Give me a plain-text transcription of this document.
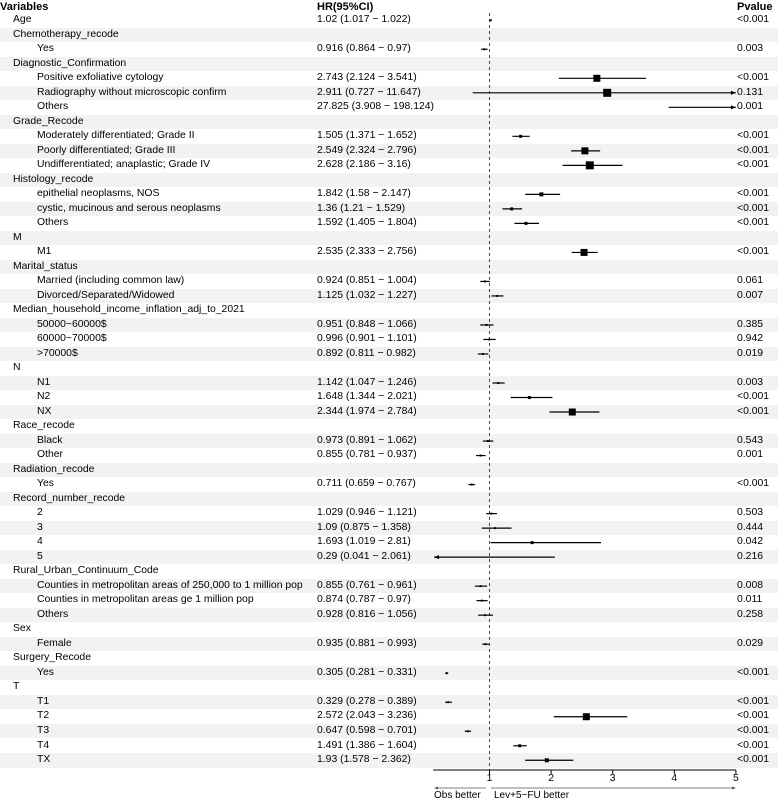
Variables	HR(95%CI)	Pvalue
Age	1.02 (1.017 − 1.022)	<0.001
Chemotherapy_recode
Yes	0.916 (0.864 − 0.97)	0.003
Diagnostic_Confirmation
Positive exfoliative cytology	2.743 (2.124 − 3.541)	<0.001
Radiography without microscopic confirm	2.911 (0.727 − 11.647)	0.131
Others	27.825 (3.908 − 198.124)	0.001
Grade_Recode
Moderately differentiated; Grade II	1.505 (1.371 − 1.652)	<0.001
Poorly differentiated; Grade III	2.549 (2.324 − 2.796)	<0.001
Undifferentiated; anaplastic; Grade IV	2.628 (2.186 − 3.16)	<0.001
Histology_recode
epithelial neoplasms, NOS	1.842 (1.58 − 2.147)	<0.001
cystic, mucinous and serous neoplasms	1.36 (1.21 − 1.529)	<0.001
Others	1.592 (1.405 − 1.804)	<0.001
M
M1	2.535 (2.333 − 2.756)	<0.001
Marital_status
Married (including common law)	0.924 (0.851 − 1.004)	0.061
Divorced/Separated/Widowed	1.125 (1.032 − 1.227)	0.007
Median_household_income_inflation_adj_to_2021
50000~60000$	0.951 (0.848 − 1.066)	0.385
60000~70000$	0.996 (0.901 − 1.101)	0.942
>70000$	0.892 (0.811 − 0.982)	0.019
N
N1	1.142 (1.047 − 1.246)	0.003
N2	1.648 (1.344 − 2.021)	<0.001
NX	2.344 (1.974 − 2.784)	<0.001
Race_recode
Black	0.973 (0.891 − 1.062)	0.543
Other	0.855 (0.781 − 0.937)	0.001
Radiation_recode
Yes	0.711 (0.659 − 0.767)	<0.001
Record_number_recode
2	1.029 (0.946 − 1.121)	0.503
3	1.09 (0.875 − 1.358)	0.444
4	1.693 (1.019 − 2.81)	0.042
5	0.29 (0.041 − 2.061)	0.216
Rural_Urban_Continuum_Code
Counties in metropolitan areas of 250,000 to 1 million pop 0.855 (0.761 − 0.961)	0.008
Counties in metropolitan areas ge 1 million pop	0.874 (0.787 − 0.97)	0.011
Others	0.928 (0.816 − 1.056)	0.258
Sex
Female	0.935 (0.881 − 0.993)	0.029
Surgery_Recode
Yes	0.305 (0.281 − 0.331)	<0.001
T
T1	0.329 (0.278 − 0.389)	<0.001
T2	2.572 (2.043 − 3.236)	<0.001
T3	0.647 (0.598 − 0.701)	<0.001
T4	1.491 (1.386 − 1.604)	<0.001
TX	1.93 (1.578 − 2.362)	<0.001
1	2	3	4	5
Obs better Lev+5−FU better
